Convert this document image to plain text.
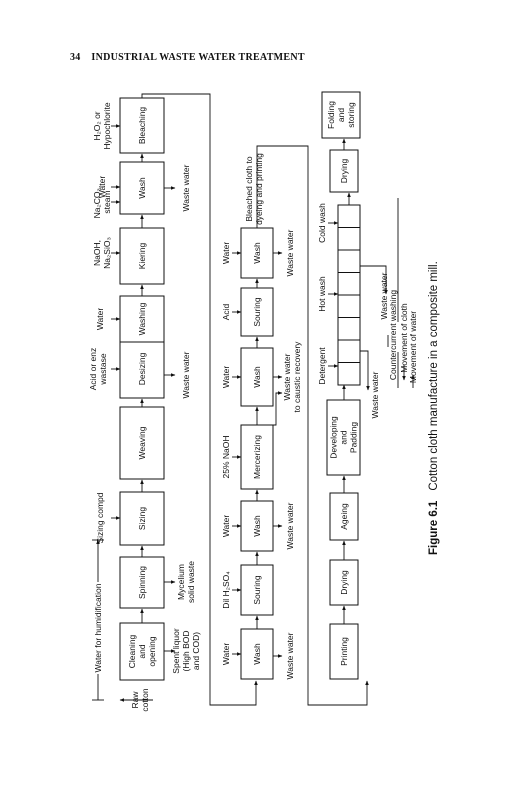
34 INDUSTRIAL WASTE WATER TREATMENT
Cleaningandopening
Spinning
Sizing
Weaving
Desizing
Washing
Kiering
Wash
Bleaching
Rawcotton
Water for humidification	Spent liquor(High BODand COD)
Myceliumsolid waste
Waste water
Waste water
Sizing compd
Acid or enzwastase
Water
NaOH,Na₂SiO₃
Na₂CO₃,steam
Water
H₂O₂ orHypochlorite
Wash
Souring
Wash
Mercerizing
Wash
Souring
Wash
Water
Dil H₂SO₄
Water
25% NaOH
Water
Acid
Water
Bleached cloth todyeing and printing
Waste water
Waste water
Waste waterto caustic recovery
Waste water
Printing
Drying
Ageing
DevelopingandPadding
Drying
Foldingandstoring
Detergent
Hot wash
Cold wash
Waste water
Waste water Countercurrent washing Movement of cloth Movement of water
Figure 6.1Cotton cloth manufacture in a composite mill.
